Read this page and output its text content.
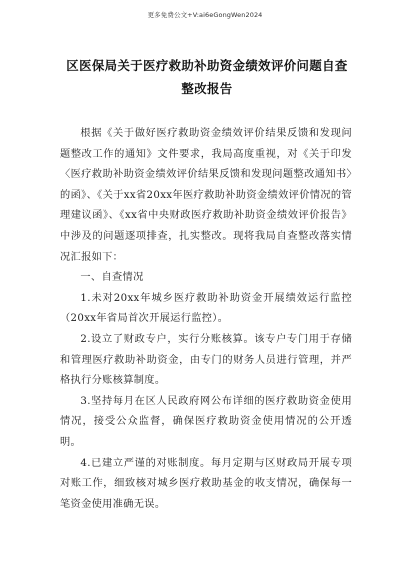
更多免费公文+V:ai6eGongWen2024
区医保局关于医疗救助补助资金绩效评价问题自查整改报告

根据《关于做好医疗救助资金绩效评价结果反馈和发现问题整改工作的通知》文件要求，我局高度重视，对《关于印发〈医疗救助补助资金绩效评价结果反馈和发现问题整改通知书〉的函》、《关于xx省20xx年医疗救助补助资金绩效评价情况的管理建议函》、《xx省中央财政医疗救助补助资金绩效评价报告》中涉及的问题逐项排查，扎实整改。现将我局自查整改落实情况汇报如下：

一、自查情况

1.未对20xx年城乡医疗救助补助资金开展绩效运行监控（20xx年省局首次开展运行监控）。

2.设立了财政专户，实行分账核算。该专户专门用于存储和管理医疗救助补助资金，由专门的财务人员进行管理，并严格执行分账核算制度。

3.坚持每月在区人民政府网公布详细的医疗救助资金使用情况，接受公众监督，确保医疗救助资金使用情况的公开透明。

4.已建立严谨的对账制度。每月定期与区财政局开展专项对账工作，细致核对城乡医疗救助基金的收支情况，确保每一笔资金使用准确无误。
